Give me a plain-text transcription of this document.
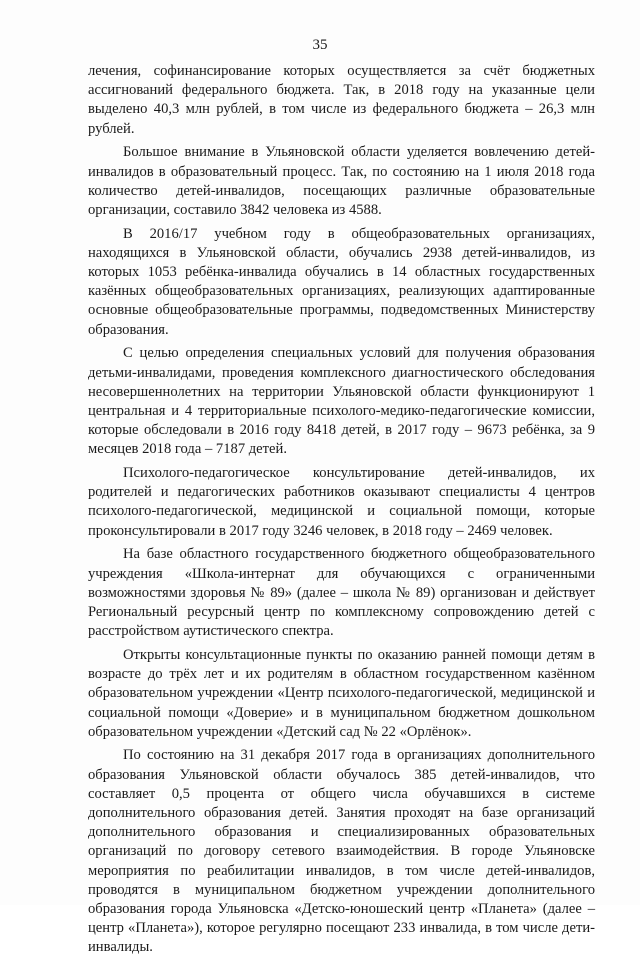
35

лечения, софинансирование которых осуществляется за счёт бюджетных ассигнований федерального бюджета. Так, в 2018 году на указанные цели выделено 40,3 млн рублей, в том числе из федерального бюджета – 26,3 млн рублей.

Большое внимание в Ульяновской области уделяется вовлечению детей-инвалидов в образовательный процесс. Так, по состоянию на 1 июля 2018 года количество детей-инвалидов, посещающих различные образовательные организации, составило 3842 человека из 4588.

В 2016/17 учебном году в общеобразовательных организациях, находящихся в Ульяновской области, обучались 2938 детей-инвалидов, из которых 1053 ребёнка-инвалида обучались в 14 областных государственных казённых общеобразовательных организациях, реализующих адаптированные основные общеобразовательные программы, подведомственных Министерству образования.

С целью определения специальных условий для получения образования детьми-инвалидами, проведения комплексного диагностического обследования несовершеннолетних на территории Ульяновской области функционируют 1 центральная и 4 территориальные психолого-медико-педагогические комиссии, которые обследовали в 2016 году 8418 детей, в 2017 году – 9673 ребёнка, за 9 месяцев 2018 года – 7187 детей.

Психолого-педагогическое консультирование детей-инвалидов, их родителей и педагогических работников оказывают специалисты 4 центров психолого-педагогической, медицинской и социальной помощи, которые проконсультировали в 2017 году 3246 человек, в 2018 году – 2469 человек.

На базе областного государственного бюджетного общеобразовательного учреждения «Школа-интернат для обучающихся с ограниченными возможностями здоровья № 89» (далее – школа № 89) организован и действует Региональный ресурсный центр по комплексному сопровождению детей с расстройством аутистического спектра.

Открыты консультационные пункты по оказанию ранней помощи детям в возрасте до трёх лет и их родителям в областном государственном казённом образовательном учреждении «Центр психолого-педагогической, медицинской и социальной помощи «Доверие» и в муниципальном бюджетном дошкольном образовательном учреждении «Детский сад № 22 «Орлёнок».

По состоянию на 31 декабря 2017 года в организациях дополнительного образования Ульяновской области обучалось 385 детей-инвалидов, что составляет 0,5 процента от общего числа обучавшихся в системе дополнительного образования детей. Занятия проходят на базе организаций дополнительного образования и специализированных образовательных организаций по договору сетевого взаимодействия. В городе Ульяновске мероприятия по реабилитации инвалидов, в том числе детей-инвалидов, проводятся в муниципальном бюджетном учреждении дополнительного образования города Ульяновска «Детско-юношеский центр «Планета» (далее – центр «Планета»), которое регулярно посещают 233 инвалида, в том числе дети-инвалиды.
